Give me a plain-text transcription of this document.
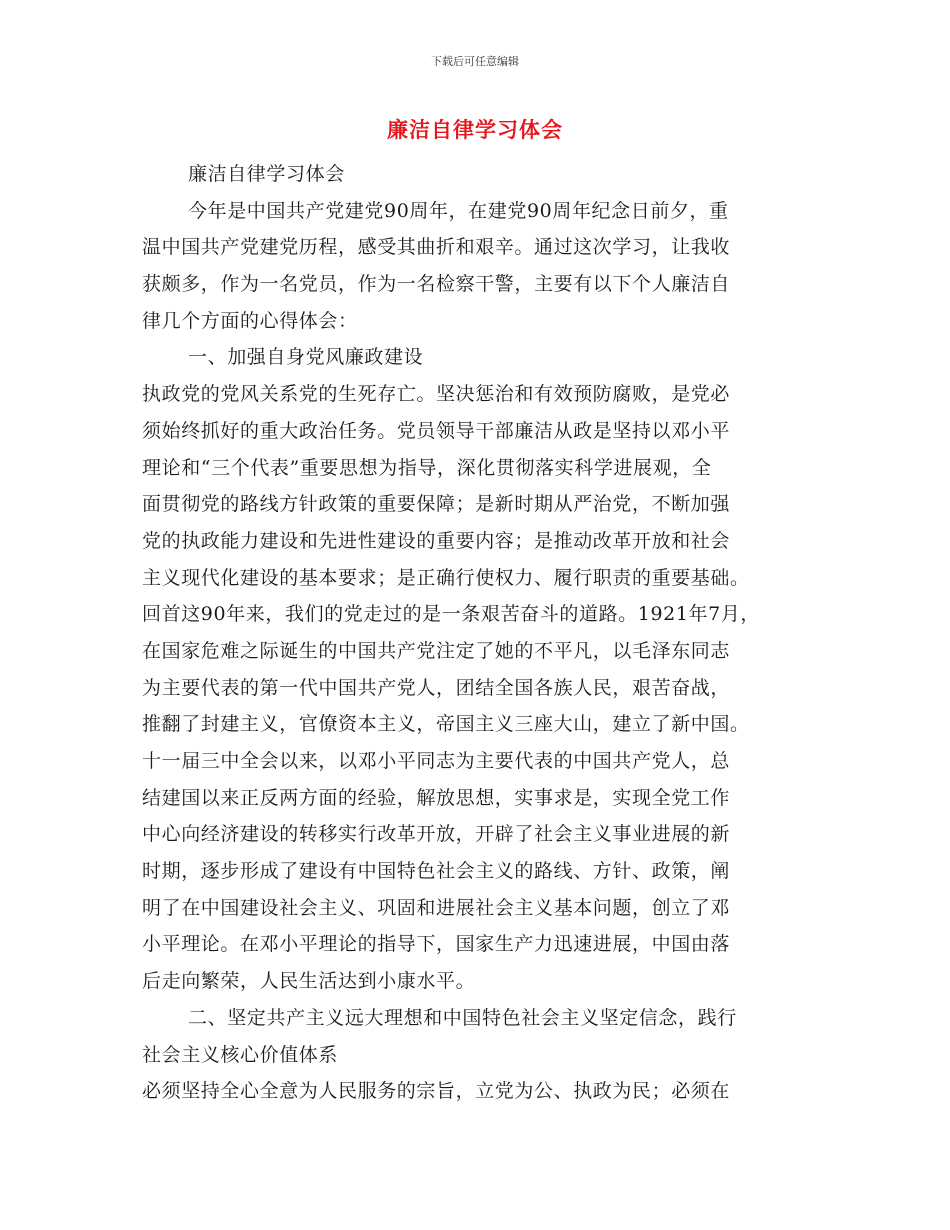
下载后可任意编辑
廉洁自律学习体会
廉洁自律学习体会
今年是中国共产党建党90周年，在建党90周年纪念日前夕，重
温中国共产党建党历程，感受其曲折和艰辛。通过这次学习，让我收
获颇多，作为一名党员，作为一名检察干警，主要有以下个人廉洁自
律几个方面的心得体会：
一、加强自身党风廉政建设
执政党的党风关系党的生死存亡。坚决惩治和有效预防腐败，是党必
须始终抓好的重大政治任务。党员领导干部廉洁从政是坚持以邓小平
理论和“三个代表”重要思想为指导，深化贯彻落实科学进展观，全
面贯彻党的路线方针政策的重要保障；是新时期从严治党，不断加强
党的执政能力建设和先进性建设的重要内容；是推动改革开放和社会
主义现代化建设的基本要求；是正确行使权力、履行职责的重要基础。
回首这90年来，我们的党走过的是一条艰苦奋斗的道路。1921年7月，
在国家危难之际诞生的中国共产党注定了她的不平凡，以毛泽东同志
为主要代表的第一代中国共产党人，团结全国各族人民，艰苦奋战，
推翻了封建主义，官僚资本主义，帝国主义三座大山，建立了新中国。
十一届三中全会以来，以邓小平同志为主要代表的中国共产党人，总
结建国以来正反两方面的经验，解放思想，实事求是，实现全党工作
中心向经济建设的转移实行改革开放，开辟了社会主义事业进展的新
时期，逐步形成了建设有中国特色社会主义的路线、方针、政策，阐
明了在中国建设社会主义、巩固和进展社会主义基本问题，创立了邓
小平理论。在邓小平理论的指导下，国家生产力迅速进展，中国由落
后走向繁荣，人民生活达到小康水平。
二、坚定共产主义远大理想和中国特色社会主义坚定信念，践行
社会主义核心价值体系
必须坚持全心全意为人民服务的宗旨，立党为公、执政为民；必须在
